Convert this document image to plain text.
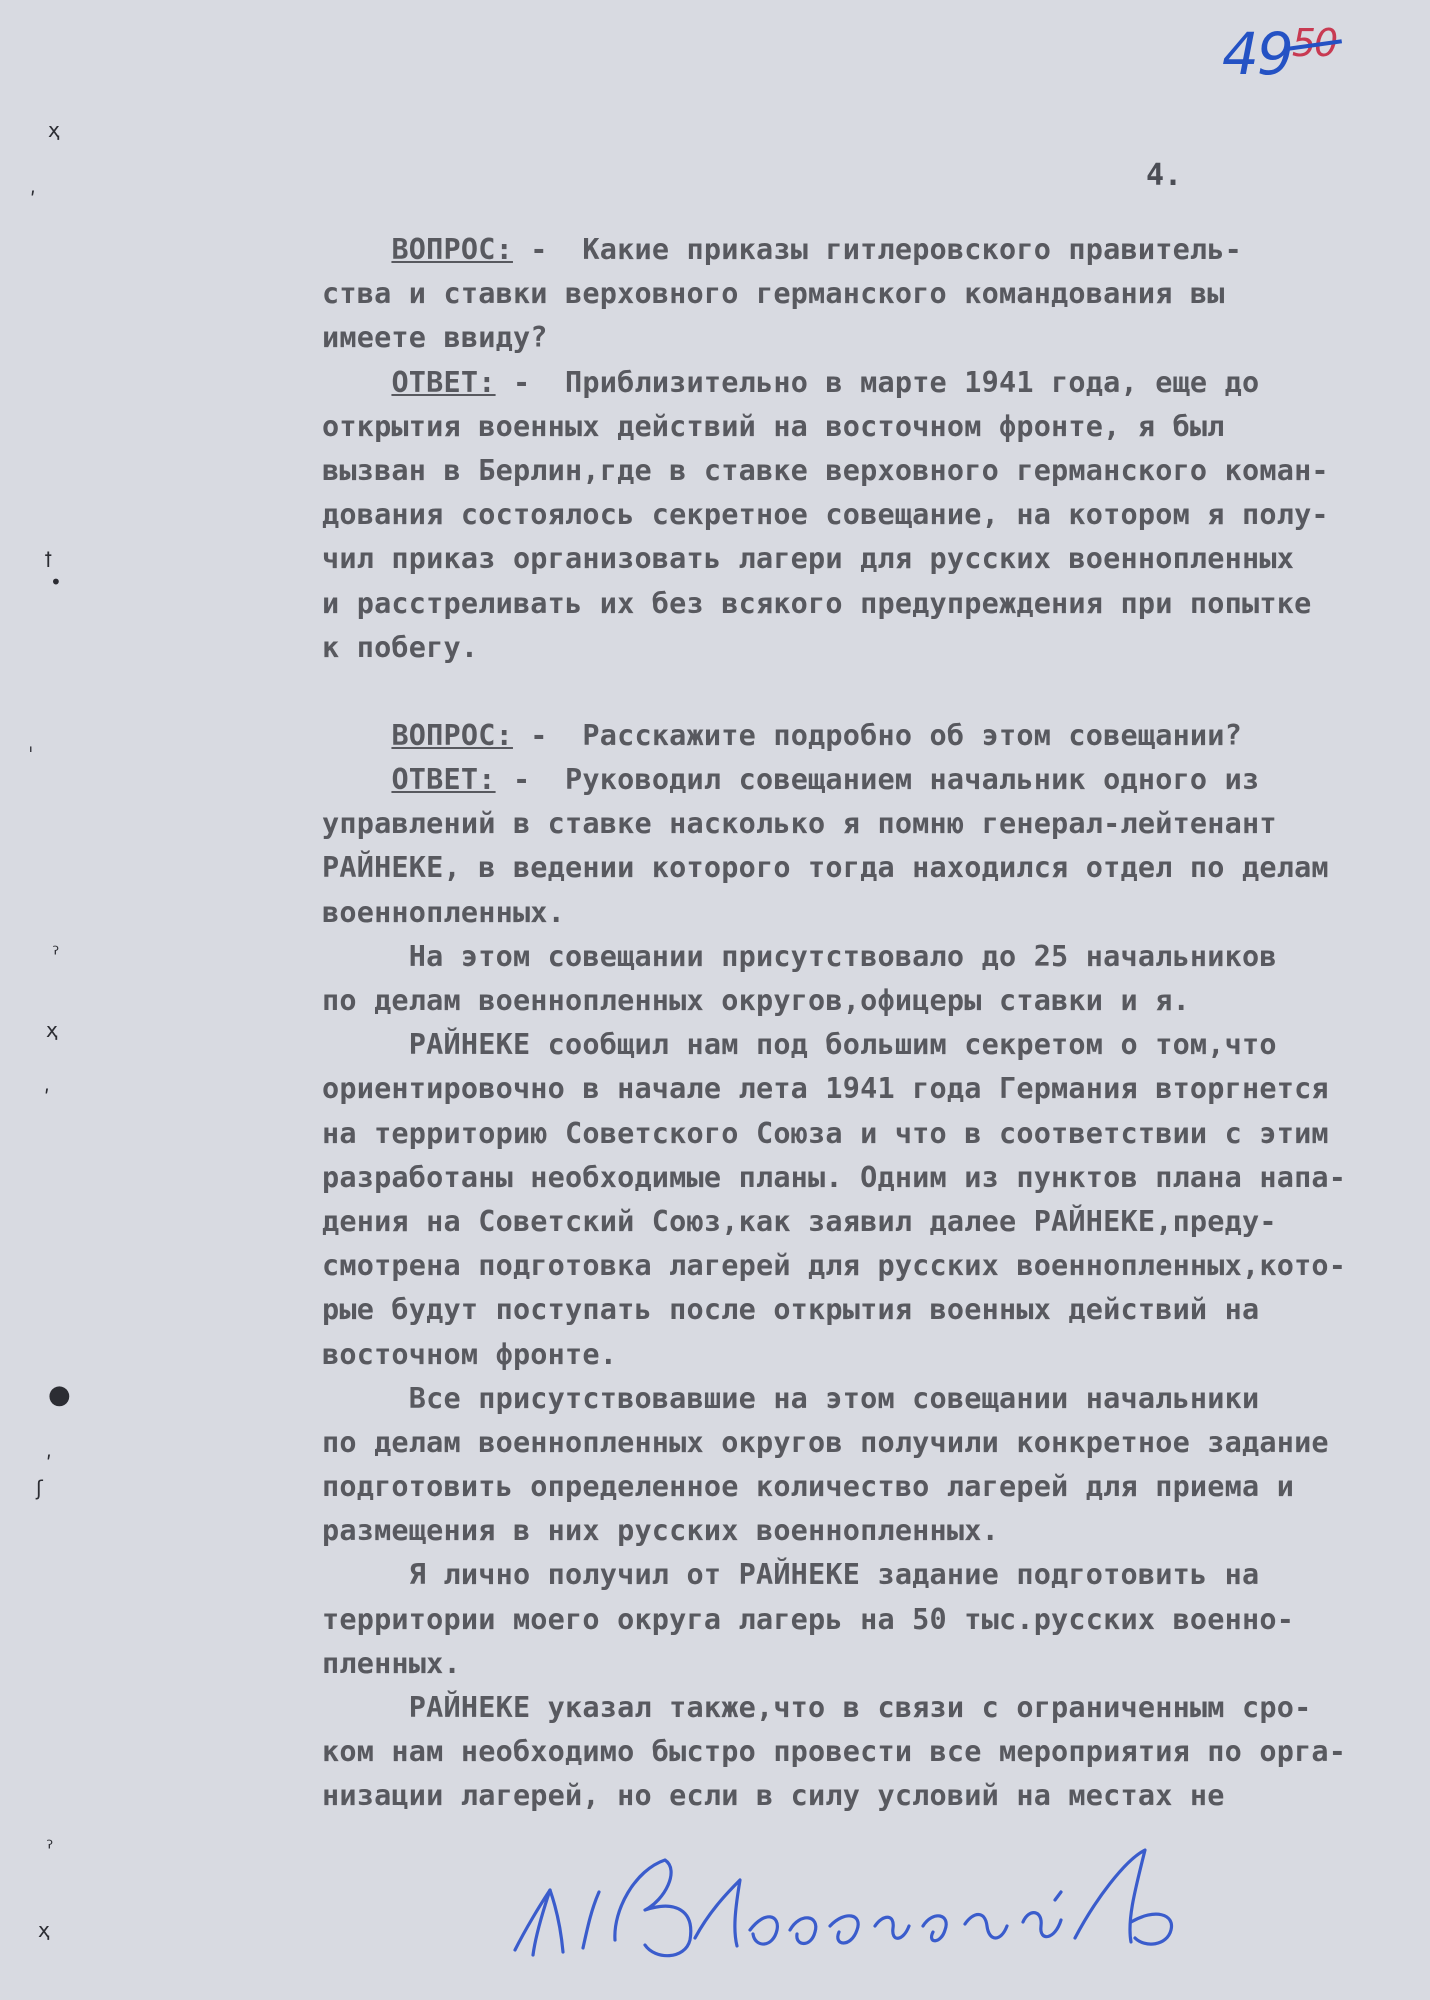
$49^{50}$
4.
ҳ
ʹ
ꝉ
•
ˌ
ˀ
ҳ
ʹ
●
ʹ
ʃ
ˀ
ҳ
ВОПРОС: -  Какие приказы гитлеровского правитель-
ства и ставки верховного германского командования вы
имеете ввиду?
ОТВЕТ: -  Приблизительно в марте 1941 года, еще до
открытия военных действий на восточном фронте, я был
вызван в Берлин,где в ставке верховного германского коман-
дования состоялось секретное совещание, на котором я полу-
чил приказ организовать лагери для русских военнопленных
и расстреливать их без всякого предупреждения при попытке
к побегу.
ВОПРОС: -  Расскажите подробно об этом совещании?
ОТВЕТ: -  Руководил совещанием начальник одного из
управлений в ставке насколько я помню генерал-лейтенант
РАЙНЕКЕ, в ведении которого тогда находился отдел по делам
военнопленных.
На этом совещании присутствовало до 25 начальников
по делам военнопленных округов,офицеры ставки и я.
РАЙНЕКЕ сообщил нам под большим секретом о том,что
ориентировочно в начале лета 1941 года Германия вторгнется
на территорию Советского Союза и что в соответствии с этим
разработаны необходимые планы. Одним из пунктов плана напа-
дения на Советский Союз,как заявил далее РАЙНЕКЕ,преду-
смотрена подготовка лагерей для русских военнопленных,кото-
рые будут поступать после открытия военных действий на
восточном фронте.
Все присутствовавшие на этом совещании начальники
по делам военнопленных округов получили конкретное задание
подготовить определенное количество лагерей для приема и
размещения в них русских военнопленных.
Я лично получил от РАЙНЕКЕ задание подготовить на
территории моего округа лагерь на 50 тыс.русских военно-
пленных.
РАЙНЕКЕ указал также,что в связи с ограниченным сро-
ком нам необходимо быстро провести все мероприятия по орга-
низации лагерей, но если в силу условий на местах не
